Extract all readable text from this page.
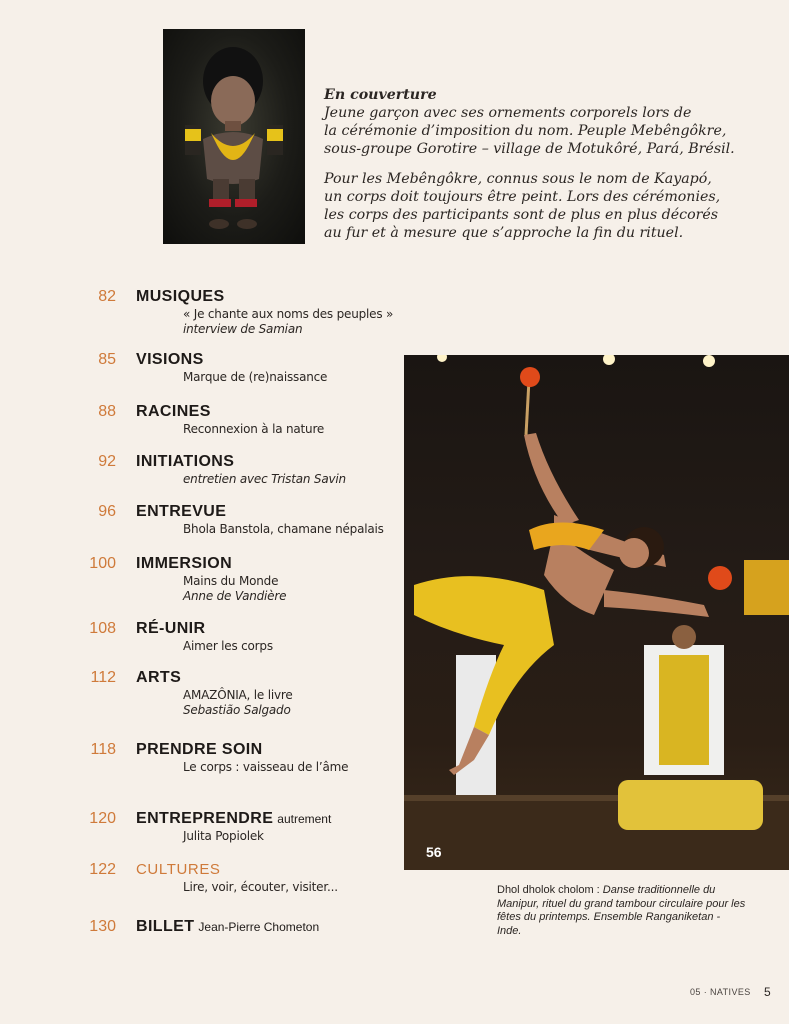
En couverture

Jeune garçon avec ses ornements corporels lors de

la cérémonie d’imposition du nom. Peuple Mebêngôkre,

sous-groupe Gorotire – village de Motukôré, Pará, Brésil.

Pour les Mebêngôkre, connus sous le nom de Kayapó,

un corps doit toujours être peint. Lors des cérémonies,

les corps des participants sont de plus en plus décorés

au fur et à mesure que s’approche la fin du rituel.

82 MUSIQUES
« Je chante aux noms des peuples »
interview de Samian
85 VISIONS
Marque de (re)naissance
88 RACINES
Reconnexion à la nature
92 INITIATIONS
entretien avec Tristan Savin
96 ENTREVUE
Bhola Banstola, chamane népalais
100 IMMERSION
Mains du Monde
Anne de Vandière
108 RÉ-UNIR
Aimer les corps
112 ARTS
AMAZÔNIA, le livre
Sebastião Salgado
118 PRENDRE SOIN
Le corps : vaisseau de l’âme
120 ENTREPRENDRE autrement
Julita Popiolek
122 CULTURES
Lire, voir, écouter, visiter...
130 BILLET Jean-Pierre Chometon
56
Dhol dholok cholom : Danse traditionnelle du Manipur, rituel du grand tambour circulaire pour les fêtes du printemps. Ensemble Ranganiketan - Inde.
05 · NATIVES 5
